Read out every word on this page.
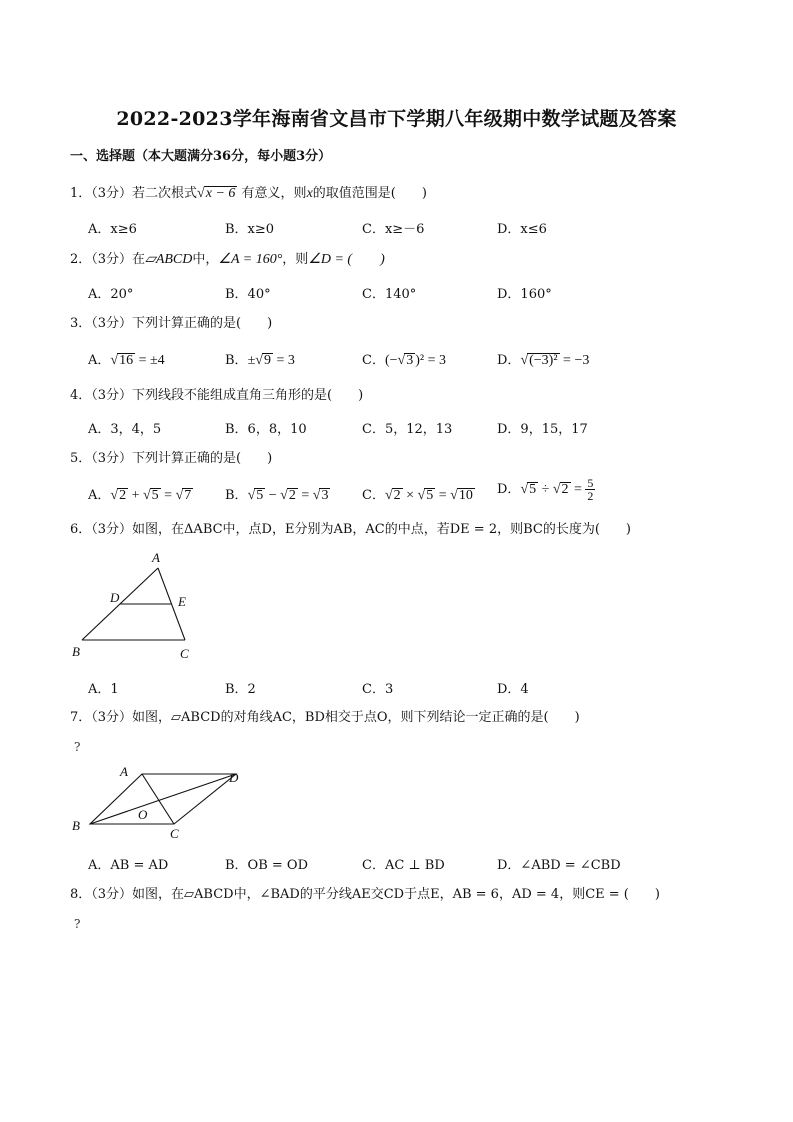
2022-2023学年海南省文昌市下学期八年级期中数学试题及答案
一、选择题（本大题满分36分，每小题3分）
1．（3分）若二次根式√x − 6 有意义，则x的取值范围是(　　)
A．x≥6	B．x≥0	C．x≥－6	D．x≤6
2．（3分）在▱ABCD中，∠A = 160°，则∠D = (　　)
A．20°	B．40°	C．140°	D．160°
3．（3分）下列计算正确的是(　　)
A．√16 = ±4	B．±√9 = 3	C．(−√3 )² = 3	D．√(−3)² = −3
4．（3分）下列线段不能组成直角三角形的是(　　)
A．3，4，5	B．6，8，10	C．5，12，13	D．9，15，17
5．（3分）下列计算正确的是(　　)
A．√2 + √5 = √7	B．√5 − √2 = √3	C．√2 × √5 = √10 D．$√5 \div √2 = \frac{5}{2}$
6．（3分）如图，在ΔABC中，点D，E分别为AB，AC的中点，若DE = 2，则BC的长度为(　　)
A
D	E
B	C
A．1	B．2	C．3	D．4
7．（3分）如图，▱ABCD的对角线AC，BD相交于点O，则下列结论一定正确的是(　　)
?
A	D
O
B
C
A．AB = AD	B．OB = OD	C．AC ⊥ BD	D．∠ABD = ∠CBD
8．（3分）如图，在▱ABCD中，∠BAD的平分线AE交CD于点E，AB = 6，AD = 4，则CE = (　　)
?
